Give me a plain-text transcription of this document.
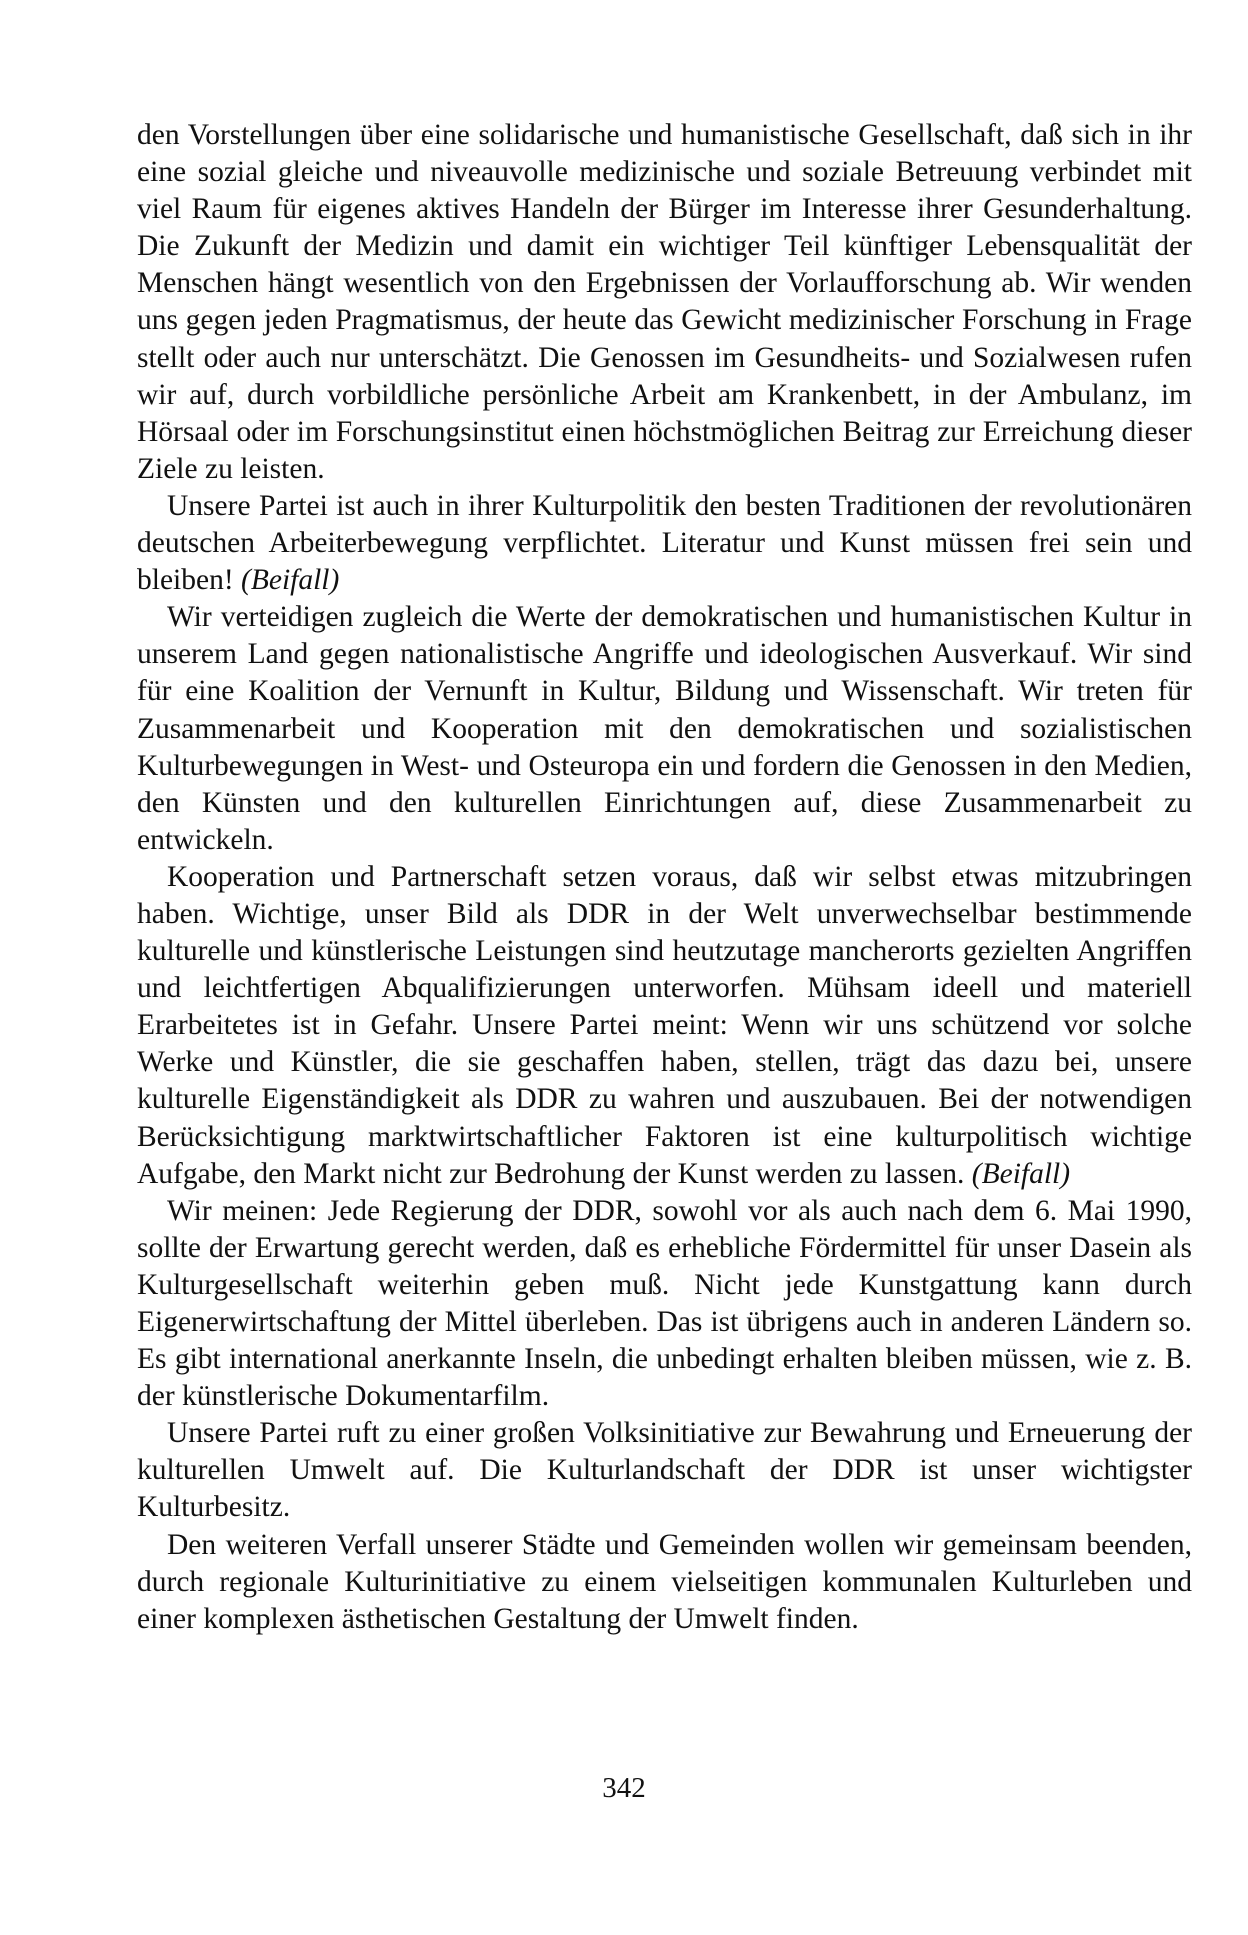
den Vorstellungen über eine solidarische und humanistische Gesellschaft, daß sich in ihr eine sozial gleiche und niveauvolle medizinische und soziale Betreuung verbindet mit viel Raum für eigenes aktives Handeln der Bürger im Interesse ihrer Gesunderhaltung. Die Zukunft der Medizin und damit ein wichtiger Teil künftiger Lebensqualität der Menschen hängt wesentlich von den Ergebnissen der Vorlaufforschung ab. Wir wenden uns gegen jeden Pragmatismus, der heute das Gewicht medizinischer Forschung in Frage stellt oder auch nur unterschätzt. Die Genossen im Gesundheits- und Sozialwesen rufen wir auf, durch vorbildliche persönliche Arbeit am Krankenbett, in der Ambulanz, im Hörsaal oder im Forschungsinstitut einen höchstmöglichen Beitrag zur Erreichung dieser Ziele zu leisten.

Unsere Partei ist auch in ihrer Kulturpolitik den besten Traditionen der revolutionären deutschen Arbeiterbewegung verpflichtet. Literatur und Kunst müssen frei sein und bleiben! (Beifall)

Wir verteidigen zugleich die Werte der demokratischen und humanistischen Kultur in unserem Land gegen nationalistische Angriffe und ideologischen Ausverkauf. Wir sind für eine Koalition der Vernunft in Kultur, Bildung und Wissenschaft. Wir treten für Zusammenarbeit und Kooperation mit den demokratischen und sozialistischen Kulturbewegungen in West- und Osteuropa ein und fordern die Genossen in den Medien, den Künsten und den kulturellen Einrichtungen auf, diese Zusammenarbeit zu entwickeln.

Kooperation und Partnerschaft setzen voraus, daß wir selbst etwas mitzubringen haben. Wichtige, unser Bild als DDR in der Welt unverwechselbar bestimmende kulturelle und künstlerische Leistungen sind heutzutage mancherorts gezielten Angriffen und leichtfertigen Abqualifizierungen unterworfen. Mühsam ideell und materiell Erarbeitetes ist in Gefahr. Unsere Partei meint: Wenn wir uns schützend vor solche Werke und Künstler, die sie geschaffen haben, stellen, trägt das dazu bei, unsere kulturelle Eigenständigkeit als DDR zu wahren und auszubauen. Bei der notwendigen Berücksichtigung marktwirtschaftlicher Faktoren ist eine kulturpolitisch wichtige Aufgabe, den Markt nicht zur Bedrohung der Kunst werden zu lassen. (Beifall)

Wir meinen: Jede Regierung der DDR, sowohl vor als auch nach dem 6. Mai 1990, sollte der Erwartung gerecht werden, daß es erhebliche Fördermittel für unser Dasein als Kulturgesellschaft weiterhin geben muß. Nicht jede Kunstgattung kann durch Eigenerwirtschaftung der Mittel überleben. Das ist übrigens auch in anderen Ländern so. Es gibt international anerkannte Inseln, die unbedingt erhalten bleiben müssen, wie z. B. der künstlerische Dokumentarfilm.

Unsere Partei ruft zu einer großen Volksinitiative zur Bewahrung und Erneuerung der kulturellen Umwelt auf. Die Kulturlandschaft der DDR ist unser wichtigster Kulturbesitz.

Den weiteren Verfall unserer Städte und Gemeinden wollen wir gemeinsam beenden, durch regionale Kulturinitiative zu einem vielseitigen kommunalen Kulturleben und einer komplexen ästhetischen Gestaltung der Umwelt finden.

342
